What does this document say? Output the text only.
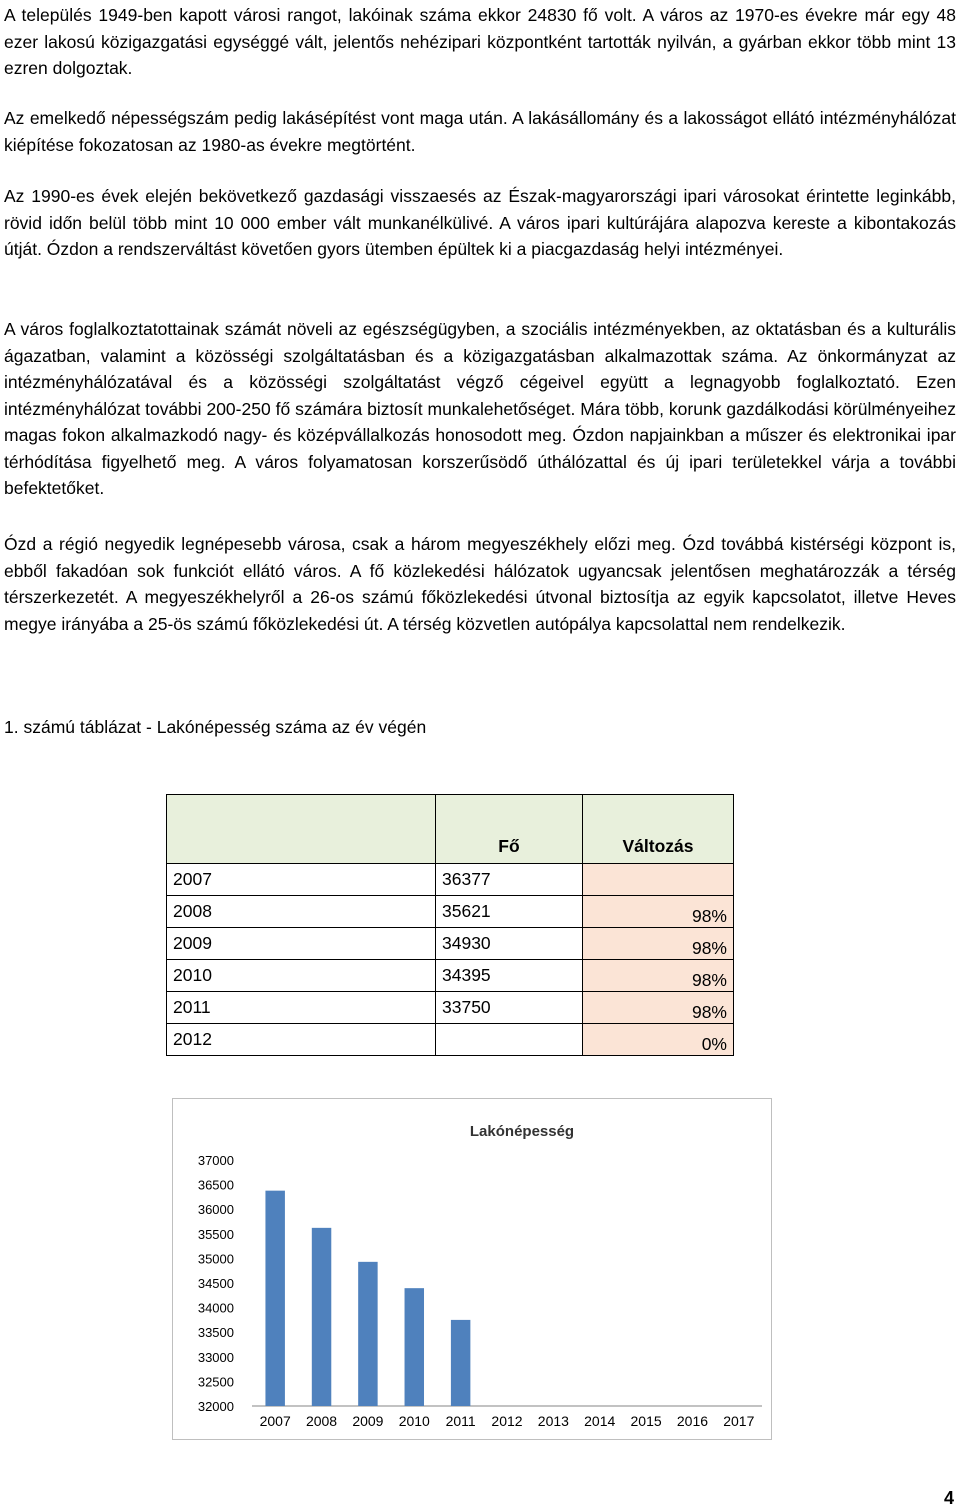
A település 1949-ben kapott városi rangot, lakóinak száma ekkor 24830 fő volt. A város az 1970-es évekre már egy 48 ezer lakosú közigazgatási egységgé vált, jelentős nehézipari központként tartották nyilván, a gyárban ekkor több mint 13 ezren dolgoztak.

Az emelkedő népességszám pedig lakásépítést vont maga után. A lakásállomány és a lakosságot ellátó intézményhálózat kiépítése fokozatosan az 1980-as évekre megtörtént.

Az 1990-es évek elején bekövetkező gazdasági visszaesés az Észak-magyarországi ipari városokat érintette leginkább, rövid időn belül több mint 10 000 ember vált munkanélkülivé. A város ipari kultúrájára alapozva kereste a kibontakozás útját. Ózdon a rendszerváltást követően gyors ütemben épültek ki a piacgazdaság helyi intézményei.

A város foglalkoztatottainak számát növeli az egészségügyben, a szociális intézményekben, az oktatásban és a kulturális ágazatban, valamint a közösségi szolgáltatásban és a közigazgatásban alkalmazottak száma. Az önkormányzat az intézményhálózatával és a közösségi szolgáltatást végző cégeivel együtt a legnagyobb foglalkoztató. Ezen intézményhálózat további 200-250 fő számára biztosít munkalehetőséget. Mára több, korunk gazdálkodási körülményeihez magas fokon alkalmazkodó nagy- és középvállalkozás honosodott meg. Ózdon napjainkban a műszer és elektronikai ipar térhódítása figyelhető meg. A város folyamatosan korszerűsödő úthálózattal és új ipari területekkel várja a további befektetőket.

Ózd a régió negyedik legnépesebb városa, csak a három megyeszékhely előzi meg. Ózd továbbá kistérségi központ is, ebből fakadóan sok funkciót ellátó város. A fő közlekedési hálózatok ugyancsak jelentősen meghatározzák a térség térszerkezetét. A megyeszékhelyről a 26-os számú főközlekedési útvonal biztosítja az egyik kapcsolatot, illetve Heves megye irányába a 25-ös számú főközlekedési út. A térség közvetlen autópálya kapcsolattal nem rendelkezik.

1. számú táblázat - Lakónépesség száma az év végén

	Fő	Változás
2007	36377	
2008	35621	98%
2009	34930	98%
2010	34395	98%
2011	33750	98%
2012		0%
Lakónépesség
32000
32500
33000
33500
34000
34500
35000
35500
36000
36500
37000
2007 2008 2009 2010 2011 2012 2013 2014 2015 2016 2017
4
